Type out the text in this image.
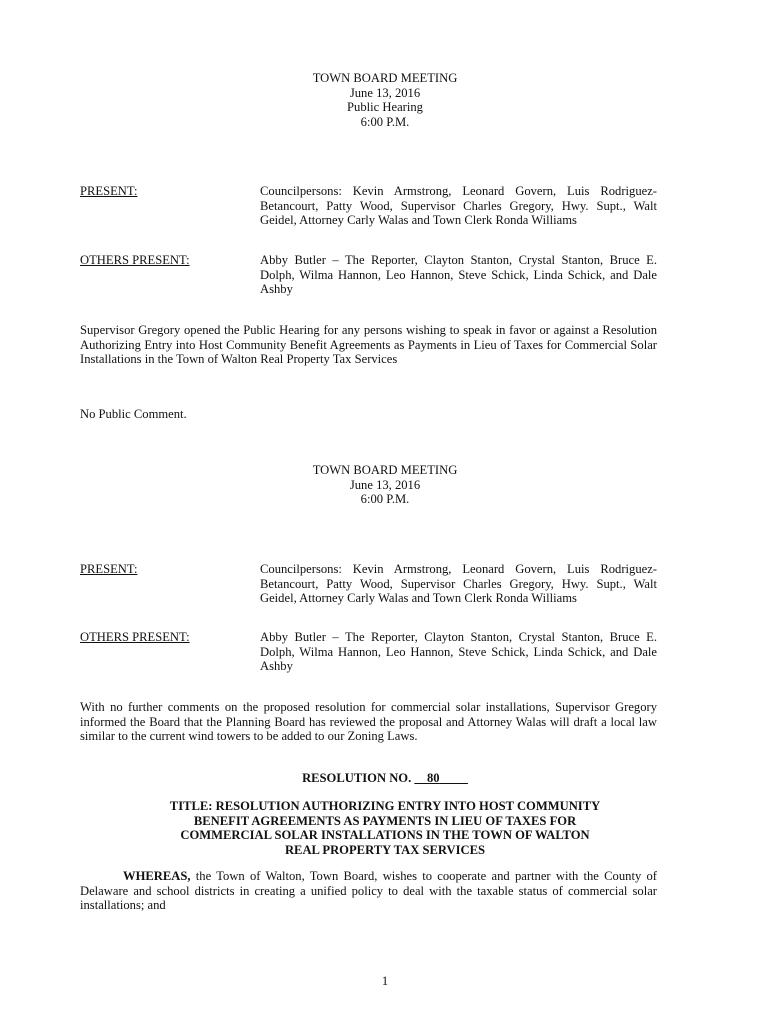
TOWN BOARD MEETING
June 13, 2016
Public Hearing
6:00 P.M.
PRESENT:	Councilpersons: Kevin Armstrong, Leonard Govern, Luis Rodriguez-Betancourt, Patty Wood, Supervisor Charles Gregory, Hwy. Supt., Walt Geidel, Attorney Carly Walas and Town Clerk Ronda Williams
OTHERS PRESENT:	Abby Butler – The Reporter, Clayton Stanton, Crystal Stanton, Bruce E. Dolph, Wilma Hannon, Leo Hannon, Steve Schick, Linda Schick, and Dale Ashby
Supervisor Gregory opened the Public Hearing for any persons wishing to speak in favor or against a Resolution Authorizing Entry into Host Community Benefit Agreements as Payments in Lieu of Taxes for Commercial Solar Installations in the Town of Walton Real Property Tax Services
No Public Comment.
TOWN BOARD MEETING
June 13, 2016
6:00 P.M.
PRESENT:	Councilpersons: Kevin Armstrong, Leonard Govern, Luis Rodriguez-Betancourt, Patty Wood, Supervisor Charles Gregory, Hwy. Supt., Walt Geidel, Attorney Carly Walas and Town Clerk Ronda Williams
OTHERS PRESENT:	Abby Butler – The Reporter, Clayton Stanton, Crystal Stanton, Bruce E. Dolph, Wilma Hannon, Leo Hannon, Steve Schick, Linda Schick, and Dale Ashby
With no further comments on the proposed resolution for commercial solar installations, Supervisor Gregory informed the Board that the Planning Board has reviewed the proposal and Attorney Walas will draft a local law similar to the current wind towers to be added to our Zoning Laws.
RESOLUTION NO. 80
TITLE: RESOLUTION AUTHORIZING ENTRY INTO HOST COMMUNITY
BENEFIT AGREEMENTS AS PAYMENTS IN LIEU OF TAXES FOR
COMMERCIAL SOLAR INSTALLATIONS IN THE TOWN OF WALTON
REAL PROPERTY TAX SERVICES
WHEREAS, the Town of Walton, Town Board, wishes to cooperate and partner with the County of Delaware and school districts in creating a unified policy to deal with the taxable status of commercial solar installations; and
1
